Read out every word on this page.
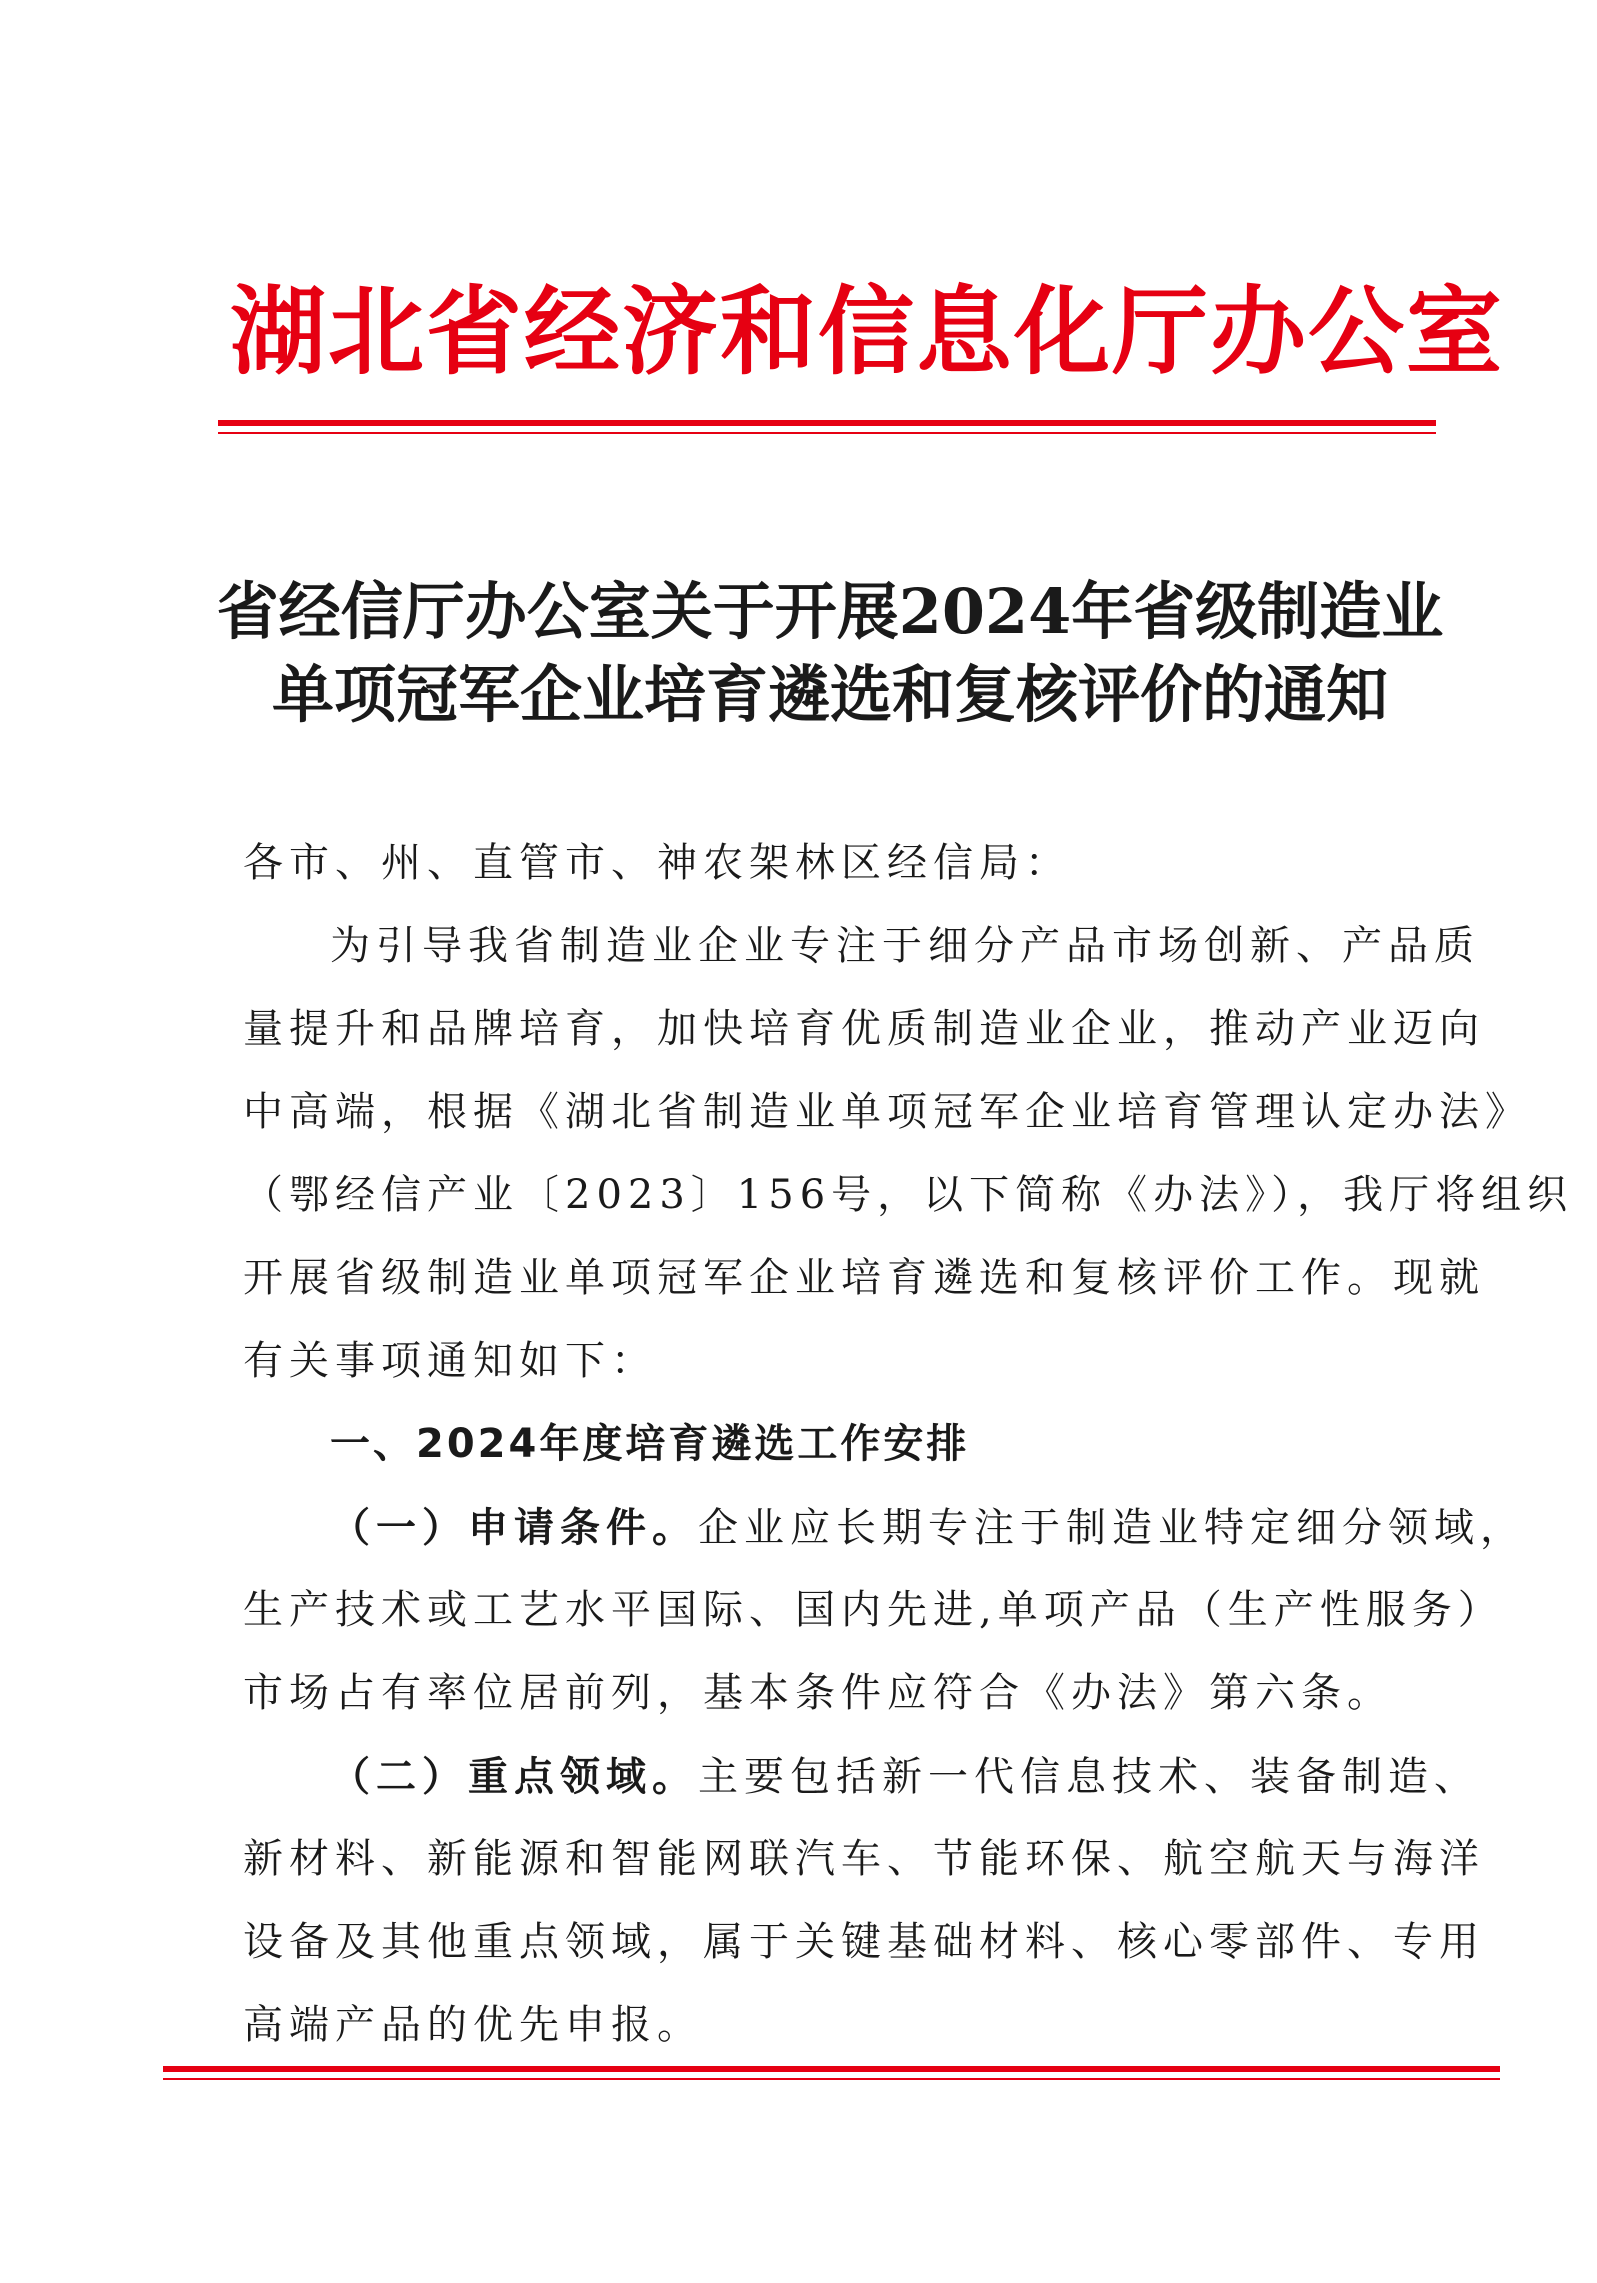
湖北省经济和信息化厅办公室
省经信厅办公室关于开展2024年省级制造业
单项冠军企业培育遴选和复核评价的通知
各市、州、直管市、神农架林区经信局：
为引导我省制造业企业专注于细分产品市场创新、产品质
量提升和品牌培育，加快培育优质制造业企业，推动产业迈向
中高端，根据《湖北省制造业单项冠军企业培育管理认定办法》
（鄂经信产业〔2023〕156号，以下简称《办法》），我厅将组织
开展省级制造业单项冠军企业培育遴选和复核评价工作。现就
有关事项通知如下：
一、2024年度培育遴选工作安排
（一）申请条件。企业应长期专注于制造业特定细分领域，
生产技术或工艺水平国际、国内先进,单项产品（生产性服务）
市场占有率位居前列，基本条件应符合《办法》第六条。
（二）重点领域。主要包括新一代信息技术、装备制造、
新材料、新能源和智能网联汽车、节能环保、航空航天与海洋
设备及其他重点领域，属于关键基础材料、核心零部件、专用
高端产品的优先申报。
